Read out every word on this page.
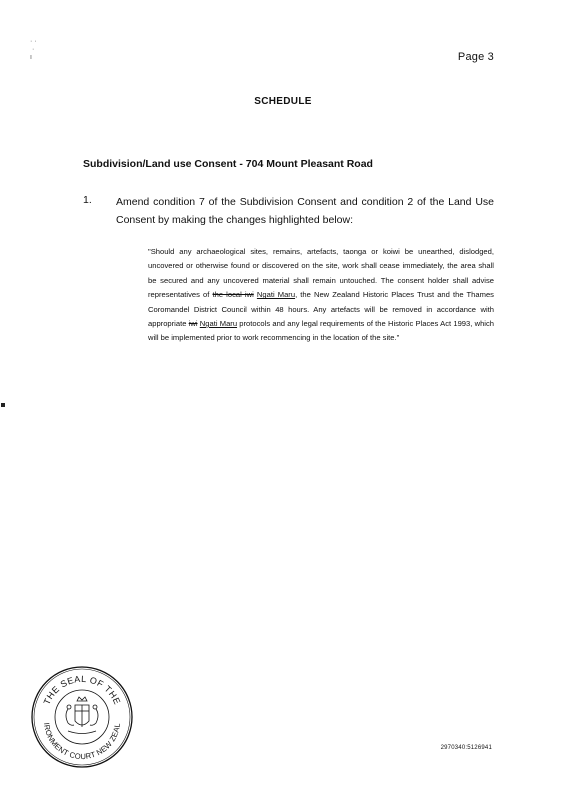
· ·
·
ı	Page 3
SCHEDULE
Subdivision/Land use Consent - 704 Mount Pleasant Road
1. Amend condition 7 of the Subdivision Consent and condition 2 of the Land Use Consent by making the changes highlighted below:
"Should any archaeological sites, remains, artefacts, taonga or koiwi be unearthed, dislodged, uncovered or otherwise found or discovered on the site, work shall cease immediately, the area shall be secured and any uncovered material shall remain untouched. The consent holder shall advise representatives of the local iwi Ngati Maru, the New Zealand Historic Places Trust and the Thames Coromandel District Council within 48 hours. Any artefacts will be removed in accordance with appropriate iwi Ngati Maru protocols and any legal requirements of the Historic Places Act 1993, which will be implemented prior to work recommencing in the location of the site."
THE SEAL OF THE
IRONMENT COURT NEW ZEAL
2970340:5126941
